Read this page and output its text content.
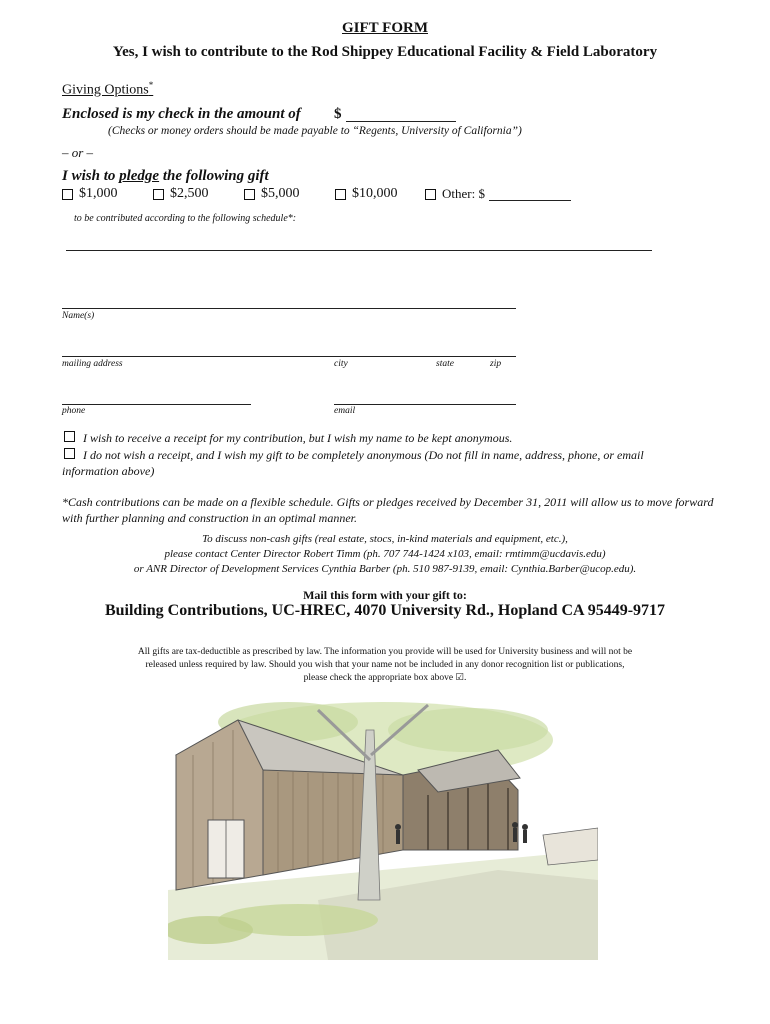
GIFT FORM
Yes, I wish to contribute to the Rod Shippey Educational Facility & Field Laboratory
Giving Options*
Enclosed is my check in the amount of $
(Checks or money orders should be made payable to “Regents, University of California”)
– or –
I wish to pledge the following gift
$1,000	$2,500	$5,000	$10,000	Other: $
to be contributed according to the following schedule*:
Name(s)
mailing address	city	state	zip
phone	email
I wish to receive a receipt for my contribution, but I wish my name to be kept anonymous.
I do not wish a receipt, and I wish my gift to be completely anonymous (Do not fill in name, address, phone, or email
information above)
*Cash contributions can be made on a flexible schedule. Gifts or pledges received by December 31, 2011 will allow us to move forward with further planning and construction in an optimal manner.
To discuss non-cash gifts (real estate, stocs, in-kind materials and equipment, etc.),
please contact Center Director Robert Timm (ph. 707 744-1424 x103, email: rmtimm@ucdavis.edu)
or ANR Director of Development Services Cynthia Barber (ph. 510 987-9139, email: Cynthia.Barber@ucop.edu).
Mail this form with your gift to:
Building Contributions, UC-HREC, 4070 University Rd., Hopland CA 95449-9717
All gifts are tax-deductible as prescribed by law. The information you provide will be used for University business and will not be
released unless required by law. Should you wish that your name not be included in any donor recognition list or publications,
please check the appropriate box above ☑.
